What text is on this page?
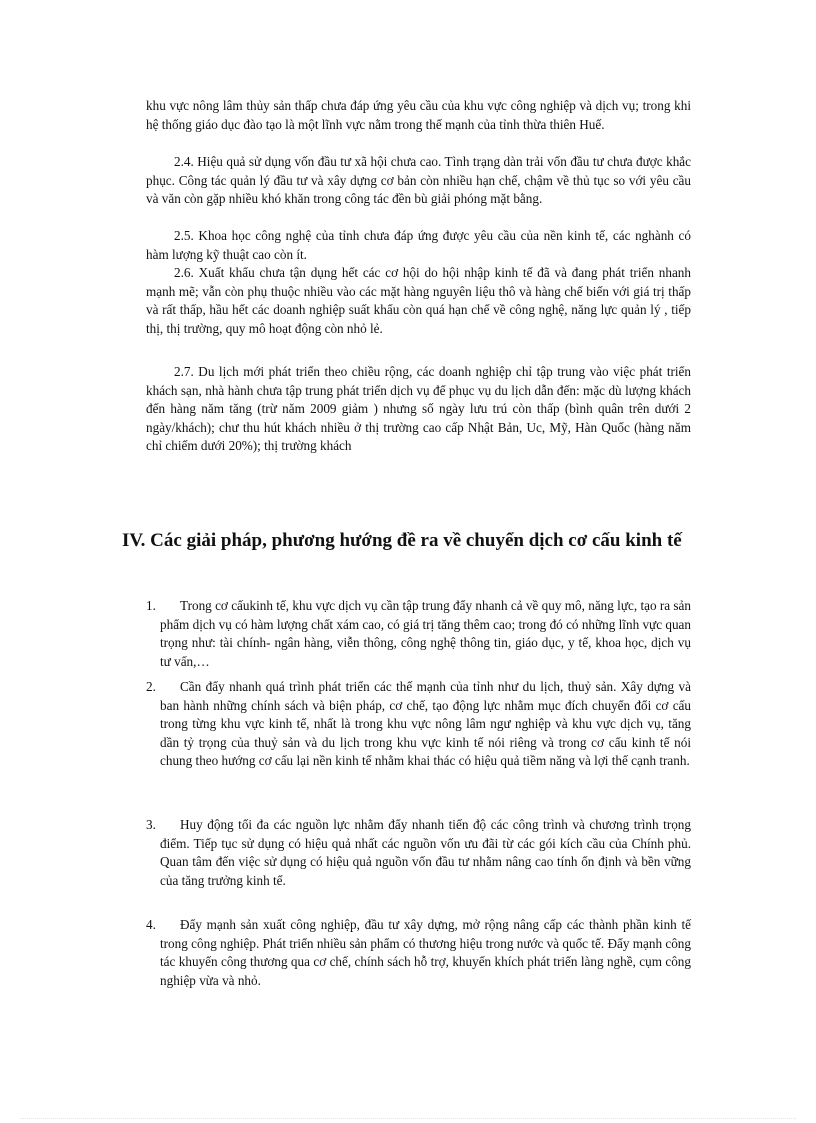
khu vực nông lâm thủy sản thấp chưa đáp ứng yêu cầu của khu vực công nghiệp và dịch vụ; trong khi hệ thống giáo dục đào tạo là một lĩnh vực nằm trong thế mạnh của tỉnh thừa thiên Huế.

2.4. Hiệu quả sử dụng vốn đầu tư xã hội chưa cao. Tình trạng dàn trải vốn đầu tư chưa được khắc phục. Công tác quản lý đầu tư và xây dựng cơ bản còn nhiều hạn chế, chậm về thủ tục so với yêu cầu và văn còn gặp nhiều khó khăn trong công tác đền bù giải phóng mặt bằng.

2.5. Khoa học công nghệ của tỉnh chưa đáp ứng được yêu cầu của nền kinh tế, các nghành có hàm lượng kỹ thuật cao còn ít.

2.6. Xuất khẩu chưa tận dụng hết các cơ hội do hội nhập kinh tế đã và đang phát triển nhanh mạnh mẽ; vẫn còn phụ thuộc nhiều vào các mặt hàng nguyên liệu thô và hàng chế biến với giá trị thấp và rất thấp, hầu hết các doanh nghiệp suất khẩu còn quá hạn chế về công nghệ, năng lực quản lý , tiếp thị, thị trường, quy mô hoạt động còn nhỏ lẻ.

2.7. Du lịch mới phát triển theo chiều rộng, các doanh nghiệp chỉ tập trung vào việc phát triển khách sạn, nhà hành chưa tập trung phát triển dịch vụ để phục vụ du lịch dẫn đến: mặc dù lượng khách đến hàng năm tăng (trừ năm 2009 giảm ) nhưng số ngày lưu trú còn thấp (bình quân trên dưới 2 ngày/khách); chư thu hút khách nhiều ở thị trường cao cấp Nhật Bản, Uc, Mỹ, Hàn Quốc (hàng năm chỉ chiếm dưới 20%); thị trường khách

IV. Các giải pháp, phương hướng đề ra về chuyển dịch cơ cấu kinh tế
1.	Trong cơ cấukinh tế, khu vực dịch vụ cần tập trung đẩy nhanh cả về quy mô, năng lực, tạo ra sản phẩm dịch vụ có hàm lượng chất xám cao, có giá trị tăng thêm cao; trong đó có những lĩnh vực quan trọng như: tài chính- ngân hàng, viễn thông, công nghệ thông tin, giáo dục, y tế, khoa học, dịch vụ tư vấn,…
2.	Cần đẩy nhanh quá trình phát triển các thế mạnh của tỉnh như du lịch, thuỷ sản. Xây dựng và ban hành những chính sách và biện pháp, cơ chế, tạo động lực nhằm mục đích chuyển đổi cơ cấu trong từng khu vực kinh tế, nhất là trong khu vực nông lâm ngư nghiệp và khu vực dịch vụ, tăng dần tỷ trọng của thuỷ sản và du lịch trong khu vực kinh tế nói riêng và trong cơ cấu kinh tế nói chung theo hướng cơ cấu lại nền kinh tế nhằm khai thác có hiệu quả tiềm năng và lợi thế cạnh tranh.
3.	Huy động tối đa các nguồn lực nhằm đẩy nhanh tiến độ các công trình và chương trình trọng điểm. Tiếp tục sử dụng có hiệu quả nhất các nguồn vốn ưu đãi từ các gói kích cầu của Chính phủ. Quan tâm đến việc sử dụng có hiệu quả nguồn vốn đầu tư nhằm nâng cao tính ổn định và bền vững của tăng trưởng kinh tế.
4.	Đẩy mạnh sản xuất công nghiệp, đầu tư xây dựng, mở rộng nâng cấp các thành phần kinh tế trong công nghiệp. Phát triển nhiều sản phẩm có thương hiệu trong nước và quốc tế. Đẩy mạnh công tác khuyến công thương qua cơ chế, chính sách hỗ trợ, khuyến khích phát triển làng nghề, cụm công nghiệp vừa và nhỏ.
